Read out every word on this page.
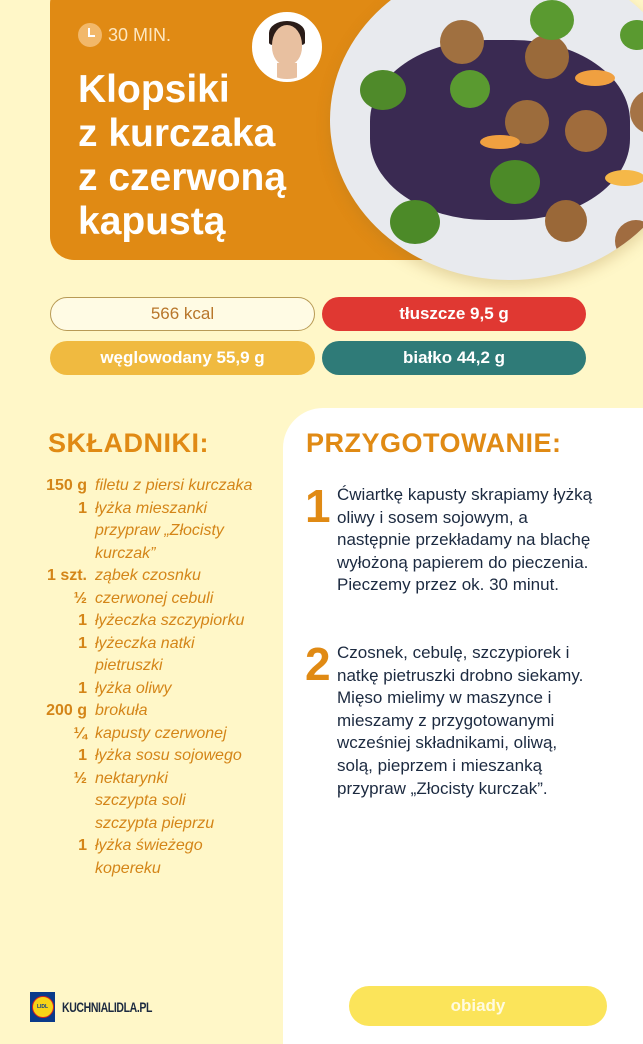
30 MIN.
Klopsiki
z kurczaka
z czerwoną
kapustą
566 kcal	tłuszcze 9,5 g
węglowodany 55,9 g	białko 44,2 g
SKŁADNIKI:
150 g filetu z piersi kurczaka
1 łyżka mieszanki
przypraw „Złocisty
kurczak”
1 szt. ząbek czosnku
½ czerwonej cebuli
1 łyżeczka szczypiorku
1 łyżeczka natki
pietruszki
1 łyżka oliwy
200 g brokuła
¼ kapusty czerwonej
1 łyżka sosu sojowego
½ nektarynki
szczypta soli
szczypta pieprzu
1 łyżka świeżego
kopereku
PRZYGOTOWANIE:
1 Ćwiartkę kapusty skrapiamy łyżką oliwy i sosem sojowym, a następnie przekładamy na blachę wyłożoną papierem do pieczenia. Pieczemy przez ok. 30 minut.
2 Czosnek, cebulę, szczypiorek i natkę pietruszki drobno siekamy. Mięso mielimy w maszynce i mieszamy z przygotowanymi wcześniej składnikami, oliwą, solą, pieprzem i mieszanką przypraw „Złocisty kurczak”.
LIDL KUCHNIALIDLA.PL	obiady
